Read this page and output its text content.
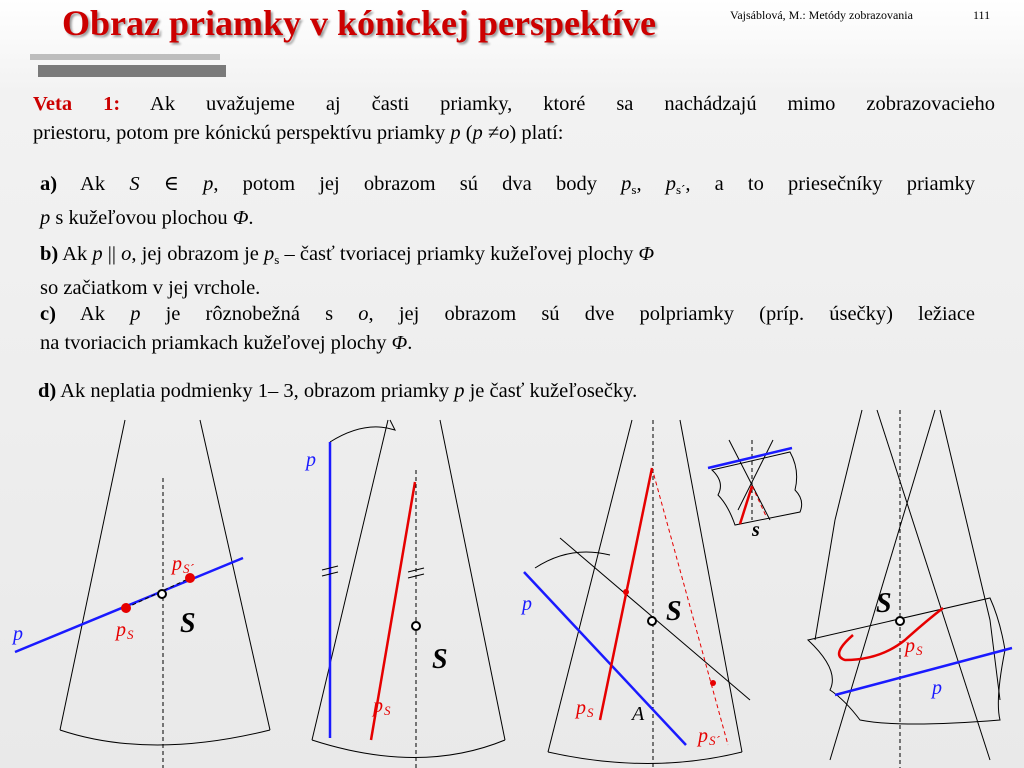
Obraz priamky v kónickej perspektíve	Vajsáblová, M.: Metódy zobrazovania	111
Veta 1: Ak uvažujeme aj časti priamky, ktoré sa nachádzajú mimo zobrazovacieho
priestoru, potom pre kónickú perspektívu priamky p (p ≠o) platí:
a) Ak S ∈ p, potom jej obrazom sú dva body $p_s$, $p_{s´}$, a to priesečníky priamky
p s kužeľovou plochou Φ.
b) Ak p || o, jej obrazom je $p_s$ – časť tvoriacej priamky kužeľovej plochy Φ
so začiatkom v jej vrchole.
c) Ak p je rôznobežná s o, jej obrazom sú dve polpriamky (príp. úsečky) ležiace
na tvoriacich priamkach kužeľovej plochy Φ.
d) Ak neplatia podmienky 1– 3, obrazom priamky p je časť kužeľosečky.
p	S
p S
p S´
p
S
p S
p	S
A
p S
p S´
s
S
p S
p
